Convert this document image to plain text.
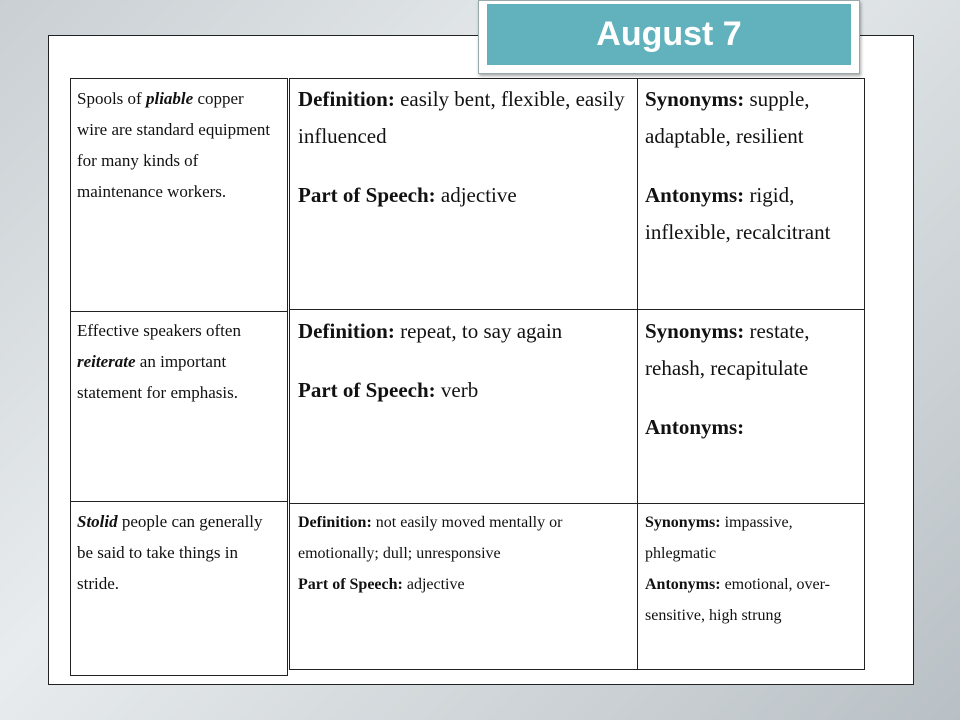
August 7
Spools of pliable copper wire are standard equipment for many kinds of maintenance workers.
Effective speakers often reiterate an important statement for emphasis.
Stolid people can generally be said to take things in stride.

Definition: easily bent, flexible, easily influenced

Part of Speech: adjective

Synonyms: supple, adaptable, resilient

Antonyms: rigid, inflexible, recalcitrant

Definition: repeat, to say again

Part of Speech: verb

Synonyms: restate, rehash, recapitulate

Antonyms:

Definition: not easily moved mentally or emotionally; dull; unresponsive

Part of Speech: adjective

Synonyms: impassive, phlegmatic

Antonyms: emotional, over-sensitive, high strung
